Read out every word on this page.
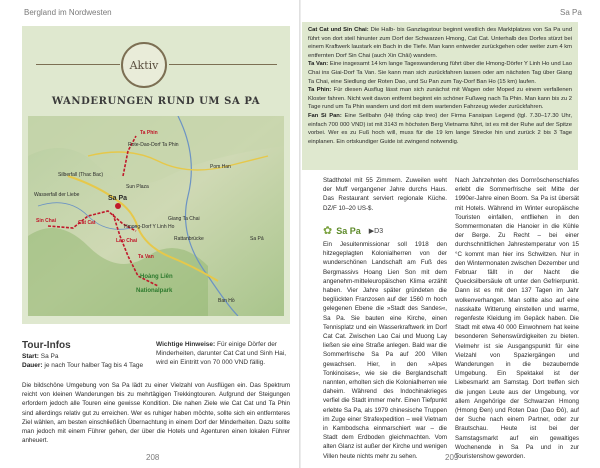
Bergland im Nordwesten
Aktiv
WANDERUNGEN RUND UM SA PA
Pom Han
Sa Pa
Hoàng Liên
Nationalpark
Lao Chai
Ta Van
Cat Cat
Sin Chai
Ta Phin
Silberfall (Thac Bac)
Wasserfall der Liebe
Rote-Dao-Dorf Ta Phin
Hmong-Dorf Y Linh Ho
Sun Plaza
Rattanbrücke
Giang Ta Chai
Ban Hồ
Sa Pả
Tour-Infos
Start: Sa Pa
Dauer: je nach Tour halber Tag bis 4 Tage
Wichtige Hinweise: Für einige Dörfer der Minderheiten, darunter Cat Cat und Sinh Hai, wird ein Eintritt von 70 000 VND fällig.
Die bildschöne Umgebung von Sa Pa lädt zu einer Vielzahl von Ausflügen ein. Das Spektrum reicht von kleinen Wanderungen bis zu mehrtägigen Trekkingtouren. Aufgrund der Steigungen erfordern jedoch alle Touren eine gewisse Kondition. Die nahen Ziele wie Cat Cat und Ta Phin sind allerdings relativ gut zu erreichen. Wer es ruhiger haben möchte, sollte sich ein entfernteres Ziel wählen, am besten einschließlich Übernachtung in einem Dorf der Minderheiten. Dazu sollte man jedoch mit einem Führer gehen, der über die Hotels und Agenturen einen lokalen Führer anheuert.
208
Sa Pa

Cat Cat und Sin Chai: Die Halb- bis Ganztagstour beginnt westlich des Marktplatzes von Sa Pa und führt von dort steil hinunter zum Dorf der Schwarzen Hmong, Cat Cat. Unterhalb des Dorfes stürzt bei einem Kraftwerk laustark ein Bach in die Tiefe. Man kann entweder zurückgehen oder weiter zum 4 km entfernten Dorf Sin Chai (auch Xin Chải) wandern.

Ta Van: Eine insgesamt 14 km lange Tageswanderung führt über die Hmong-Dörfer Y Linh Ho und Lao Chai ins Giai-Dorf Ta Van. Sie kann man sich zurückfahren lassen oder am nächsten Tag über Giang Ta Chai, eine Siedlung der Roten Dao, und Su Pan zum Tay-Dorf Ban Ho (15 km) laufen.

Ta Phin: Für diesen Ausflug lässt man sich zunächst mit Wagen oder Moped zu einem verfallenen Kloster fahren. Nicht weit davon entfernt beginnt ein schöner Fußweg nach Ta Phin. Man kann bis zu 2 Tage rund um Ta Phin wandern und dort mit dem wartenden Fahrzeug wieder zurückfahren.

Fan Si Pan: Eine Seilbahn (Hệ thống cáp treo) der Firma Fansipan Legend (tgl. 7.30–17.30 Uhr, einfach 700 000 VND) ist mit 3143 m höchsten Berg Vietnams führt, ist es mit der Ruhe auf der Spitze vorbei. Wer es zu Fuß hoch will, muss für die 19 km lange Strecke hin und zurück 2 bis 3 Tage einplanen. Ein ortskundiger Guide ist zwingend notwendig.

Stadthotel mit 55 Zimmern. Zuweilen weht der Muff vergangener Jahre durchs Haus. Das Restaurant serviert regionale Küche. DZ/F 10–20 US-$.
✿ Sa Pa ▶D3
Ein Jesuitenmissionar soll 1918 den hitzegeplagten Kolonialherren von der wunderschönen Landschaft am Fuß des Bergmassivs Hoang Lien Son mit dem angenehm-mitteleuropäischen Klima erzählt haben. Vier Jahre später gründeten die beglückten Franzosen auf der 1560 m hoch gelegenen Ebene die »Stadt des Sandes«, Sa Pa. Sie bauten eine Kirche, einen Tennisplatz und ein Wasserkraftwerk im Dorf Cat Cat. Zwischen Lao Cai und Muong Lay ließen sie eine Straße anlegen. Bald war die Sommerfrische Sa Pa auf 200 Villen gewachsen. Hier, in den »Alpes Tonkinoises«, wie sie die Berglandschaft nannten, erholten sich die Kolonialherren wie daheim. Während des Indochinakrieges verfiel die Stadt immer mehr. Einen Tiefpunkt erlebte Sa Pa, als 1979 chinesische Truppen im Zuge einer Strafexpedition – weil Vietnam in Kambodscha einmarschiert war – die Stadt dem Erdboden gleichmachten. Vom alten Glanz ist außer der Kirche und wenigen Villen heute nichts mehr zu sehen.
Nach Jahrzehnten des Dornröschenschlafes erlebt die Sommerfrische seit Mitte der 1990er-Jahre einen Boom. Sa Pa ist übersät mit Hotels. Während im Winter europäische Touristen einfallen, entfliehen in den Sommermonaten die Hanoier in die Kühle der Berge. Zu Recht – bei einer durchschnittlichen Jahrestemperatur von 15 °C kommt man hier ins Schwitzen. Nur in den Wintermonaten zwischen Dezember und Februar fällt in der Nacht die Quecksilbersäule oft unter den Gefrierpunkt. Dann ist es mit den 137 Tagen im Jahr wolkenverhangen. Man sollte also auf eine nasskalte Witterung einstellen und warme, regenfeste Kleidung im Gepäck haben. Die Stadt mit etwa 40 000 Einwohnern hat keine besonderen Sehenswürdigkeiten zu bieten. Vielmehr ist sie Ausgangspunkt für eine Vielzahl von Spaziergängen und Wanderungen in die bezaubernde Umgebung. Ein Spektakel ist der Liebesmarkt am Samstag. Dort treffen sich die jungen Leute aus der Umgebung, vor allem Angehörige der Schwarzen Hmong (Hmong Đen) und Roten Dao (Dao Đỏ), auf der Suche nach einem Partner, oder zur Brautschau. Heute ist bei der Samstagsmarkt auf ein gewaltiges Wochenende in Sa Pa und in zur Touristenshow geworden.
209
